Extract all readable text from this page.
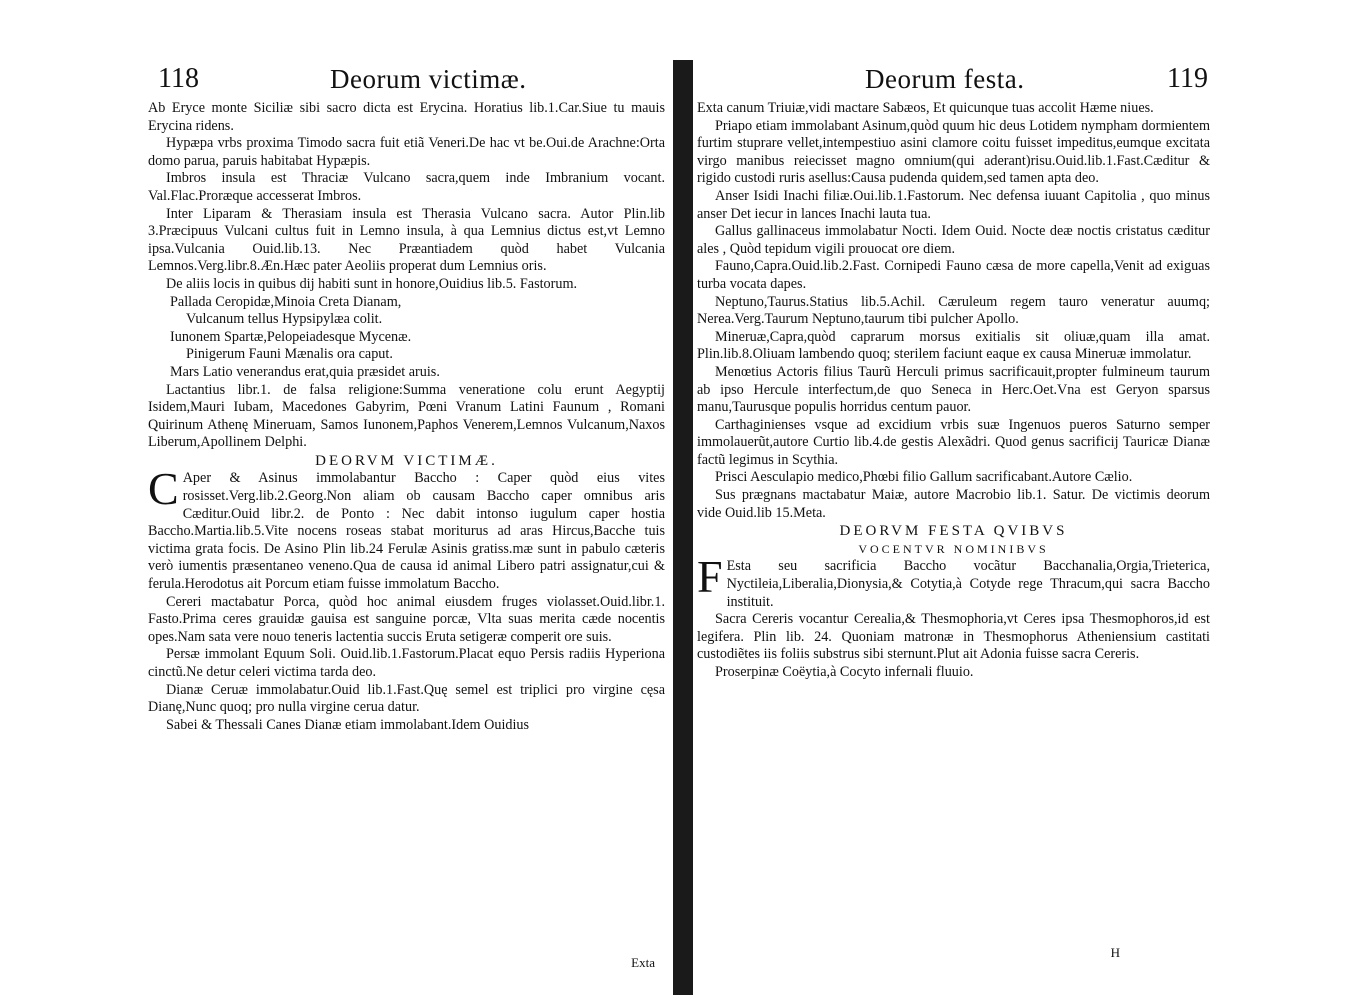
118	Deorum victimæ.

Ab Eryce monte Siciliæ sibi sacro dicta est Erycina. Horatius lib.1.Car.Siue tu mauis Erycina ridens.

Hypæpa vrbs proxima Timodo sacra fuit etiã Veneri.De hac vt be.Oui.de Arachne:Orta domo parua, paruis habitabat Hypæpis.

Imbros insula est Thraciæ Vulcano sacra,quem inde Imbranium vocant. Val.Flac.Proræque accesserat Imbros.

Inter Liparam & Therasiam insula est Therasia Vulcano sacra. Autor Plin.lib 3.Præcipuus Vulcani cultus fuit in Lemno insula, à qua Lemnius dictus est,vt Lemno ipsa.Vulcania Ouid.lib.13. Nec Præantiadem quòd habet Vulcania Lemnos.Verg.libr.8.Æn.Hæc pater Aeoliis properat dum Lemnius oris.

De aliis locis in quibus dij habiti sunt in honore,Ouidius lib.5. Fastorum.

Pallada Ceropidæ,Minoia Creta Dianam,

Vulcanum tellus Hypsipylæa colit.

Iunonem Spartæ,Pelopeiadesque Mycenæ.

Pinigerum Fauni Mænalis ora caput.

Mars Latio venerandus erat,quia præsidet aruis.

Lactantius libr.1. de falsa religione:Summa veneratione colu erunt Aegyptij Isidem,Mauri Iubam, Macedones Gabyrim, Pœni Vranum Latini Faunum , Romani Quirinum Athenę Mineruam, Samos Iunonem,Paphos Venerem,Lemnos Vulcanum,Naxos Liberum,Apollinem Delphi.

DEORVM VICTIMÆ.

C Aper & Asinus immolabantur Baccho : Caper quòd eius vites rosisset.Verg.lib.2.Georg.Non aliam ob causam Baccho caper omnibus aris Cæditur.Ouid libr.2. de Ponto : Nec dabit intonso iugulum caper hostia Baccho.Martia.lib.5.Vite nocens roseas stabat moriturus ad aras Hircus,Bacche tuis victima grata focis. De Asino Plin lib.24 Ferulæ Asinis gratiss.mæ sunt in pabulo cæteris verò iumentis præsentaneo veneno.Qua de causa id animal Libero patri assignatur,cui & ferula.Herodotus ait Porcum etiam fuisse immolatum Baccho.

Cereri mactabatur Porca, quòd hoc animal eiusdem fruges violasset.Ouid.libr.1. Fasto.Prima ceres grauidæ gauisa est sanguine porcæ, Vlta suas merita cæde nocentis opes.Nam sata vere nouo teneris lactentia succis Eruta setigeræ comperit ore suis.

Persæ immolant Equum Soli. Ouid.lib.1.Fastorum.Placat equo Persis radiis Hyperiona cinctũ.Ne detur celeri victima tarda deo.

Dianæ Ceruæ immolabatur.Ouid lib.1.Fast.Quę semel est triplici pro virgine cęsa Dianę,Nunc quoq; pro nulla virgine cerua datur.

Sabei & Thessali Canes Dianæ etiam immolabant.Idem Ouidius

Exta
Deorum festa.	119

Exta canum Triuiæ,vidi mactare Sabæos, Et quicunque tuas accolit Hæme niues.

Priapo etiam immolabant Asinum,quòd quum hic deus Lotidem nympham dormientem furtim stuprare vellet,intempestiuo asini clamore coitu fuisset impeditus,eumque excitata virgo manibus reiecisset magno omnium(qui aderant)risu.Ouid.lib.1.Fast.Cæditur & rigido custodi ruris asellus:Causa pudenda quidem,sed tamen apta deo.

Anser Isidi Inachi filiæ.Oui.lib.1.Fastorum. Nec defensa iuuant Capitolia , quo minus anser Det iecur in lances Inachi lauta tua.

Gallus gallinaceus immolabatur Nocti. Idem Ouid. Nocte deæ noctis cristatus cæditur ales , Quòd tepidum vigili prouocat ore diem.

Fauno,Capra.Ouid.lib.2.Fast. Cornipedi Fauno cæsa de more capella,Venit ad exiguas turba vocata dapes.

Neptuno,Taurus.Statius lib.5.Achil. Cæruleum regem tauro veneratur auumq; Nerea.Verg.Taurum Neptuno,taurum tibi pulcher Apollo.

Mineruæ,Capra,quòd caprarum morsus exitialis sit oliuæ,quam illa amat. Plin.lib.8.Oliuam lambendo quoq; sterilem faciunt eaque ex causa Mineruæ immolatur.

Menœtius Actoris filius Taurũ Herculi primus sacrificauit,propter fulmineum taurum ab ipso Hercule interfectum,de quo Seneca in Herc.Oet.Vna est Geryon sparsus manu,Taurusque populis horridus centum pauor.

Carthaginienses vsque ad excidium vrbis suæ Ingenuos pueros Saturno semper immolauerũt,autore Curtio lib.4.de gestis Alexãdri. Quod genus sacrificij Tauricæ Dianæ factũ legimus in Scythia.

Prisci Aesculapio medico,Phœbi filio Gallum sacrificabant.Autore Cælio.

Sus prægnans mactabatur Maiæ, autore Macrobio lib.1. Satur. De victimis deorum vide Ouid.lib 15.Meta.

DEORVM FESTA QVIBVS

VOCENTVR NOMINIBVS

F Esta seu sacrificia Baccho vocãtur Bacchanalia,Orgia,Trieterica, Nyctileia,Liberalia,Dionysia,& Cotytia,à Cotyde rege Thracum,qui sacra Baccho instituit.

Sacra Cereris vocantur Cerealia,& Thesmophoria,vt Ceres ipsa Thesmophoros,id est legifera. Plin lib. 24. Quoniam matronæ in Thesmophorus Atheniensium castitati custodiẽtes iis foliis substrus sibi sternunt.Plut ait Adonia fuisse sacra Cereris.

Proserpinæ Coëytia,à Cocyto infernali fluuio.

H
